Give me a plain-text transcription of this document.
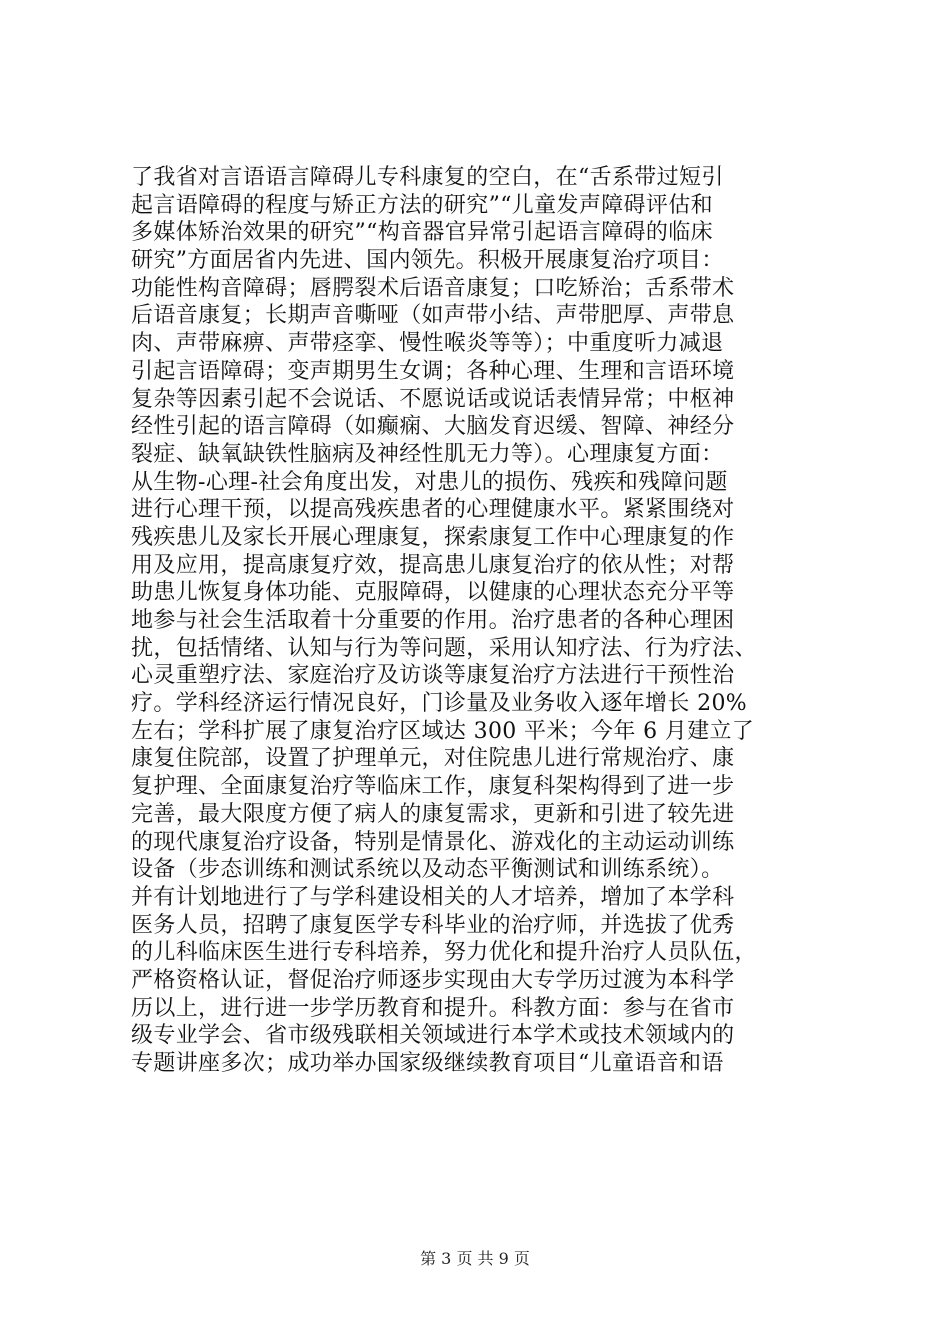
了我省对言语语言障碍儿专科康复的空白，在“舌系带过短引
起言语障碍的程度与矫正方法的研究”“儿童发声障碍评估和
多媒体矫治效果的研究”“构音器官异常引起语言障碍的临床
研究”方面居省内先进、国内领先。积极开展康复治疗项目：
功能性构音障碍；唇腭裂术后语音康复；口吃矫治；舌系带术
后语音康复；长期声音嘶哑（如声带小结、声带肥厚、声带息
肉、声带麻痹、声带痉挛、慢性喉炎等等）；中重度听力减退
引起言语障碍；变声期男生女调；各种心理、生理和言语环境
复杂等因素引起不会说话、不愿说话或说话表情异常；中枢神
经性引起的语言障碍（如癫痫、大脑发育迟缓、智障、神经分
裂症、缺氧缺铁性脑病及神经性肌无力等）。心理康复方面：
从生物-心理-社会角度出发，对患儿的损伤、残疾和残障问题
进行心理干预，以提高残疾患者的心理健康水平。紧紧围绕对
残疾患儿及家长开展心理康复，探索康复工作中心理康复的作
用及应用，提高康复疗效，提高患儿康复治疗的依从性；对帮
助患儿恢复身体功能、克服障碍，以健康的心理状态充分平等
地参与社会生活取着十分重要的作用。治疗患者的各种心理困
扰，包括情绪、认知与行为等问题，采用认知疗法、行为疗法、
心灵重塑疗法、家庭治疗及访谈等康复治疗方法进行干预性治
疗。学科经济运行情况良好，门诊量及业务收入逐年增长 20%
左右；学科扩展了康复治疗区域达 300 平米；今年 6 月建立了
康复住院部，设置了护理单元，对住院患儿进行常规治疗、康
复护理、全面康复治疗等临床工作，康复科架构得到了进一步
完善，最大限度方便了病人的康复需求，更新和引进了较先进
的现代康复治疗设备，特别是情景化、游戏化的主动运动训练
设备（步态训练和测试系统以及动态平衡测试和训练系统）。
并有计划地进行了与学科建设相关的人才培养，增加了本学科
医务人员，招聘了康复医学专科毕业的治疗师，并选拔了优秀
的儿科临床医生进行专科培养，努力优化和提升治疗人员队伍，
严格资格认证，督促治疗师逐步实现由大专学历过渡为本科学
历以上，进行进一步学历教育和提升。科教方面：参与在省市
级专业学会、省市级残联相关领域进行本学术或技术领域内的
专题讲座多次；成功举办国家级继续教育项目“儿童语音和语
第 3 页 共 9 页
